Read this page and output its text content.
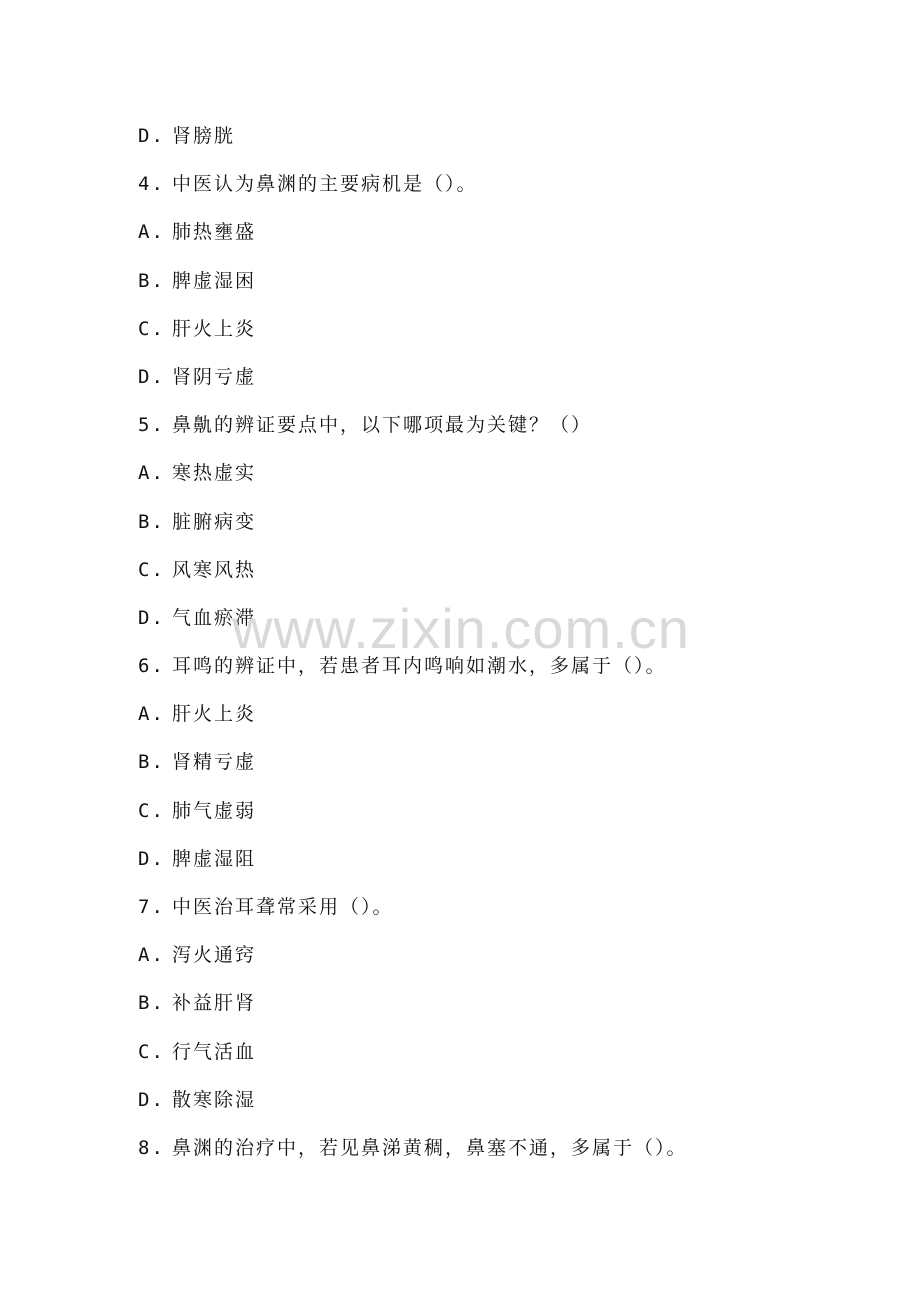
D. 肾膀胱
4. 中医认为鼻渊的主要病机是（）。
A. 肺热壅盛
B. 脾虚湿困
C. 肝火上炎
D. 肾阴亏虚
5. 鼻鼽的辨证要点中，以下哪项最为关键？（）
A. 寒热虚实
B. 脏腑病变
C. 风寒风热
D. 气血瘀滞
6. 耳鸣的辨证中，若患者耳内鸣响如潮水，多属于（）。
A. 肝火上炎
B. 肾精亏虚
C. 肺气虚弱
D. 脾虚湿阻
7. 中医治耳聋常采用（）。
A. 泻火通窍
B. 补益肝肾
C. 行气活血
D. 散寒除湿
8. 鼻渊的治疗中，若见鼻涕黄稠，鼻塞不通，多属于（）。
www.zixin.com.cn
